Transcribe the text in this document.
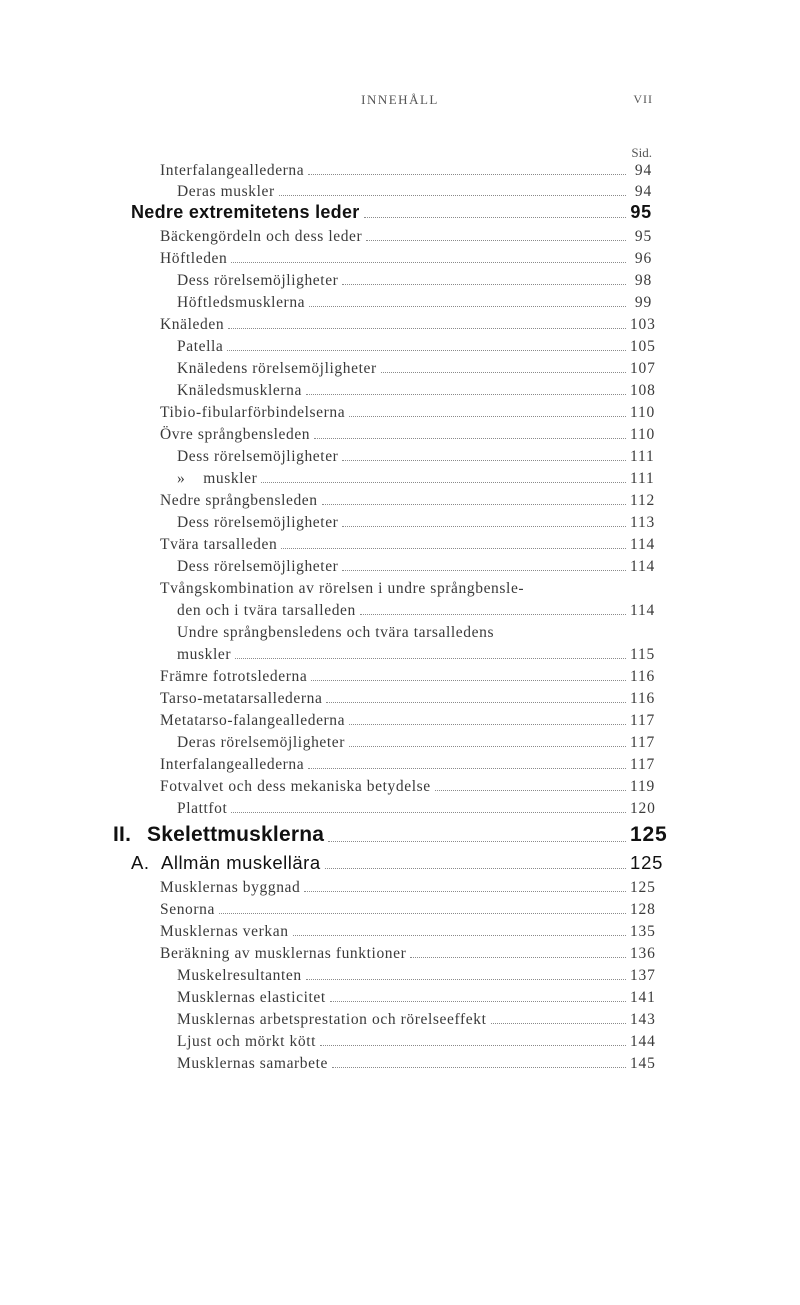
INNEHÅLL	VII
Sid.
Interfalangeallederna	94
Deras muskler	94
Nedre extremitetens leder	95
Bäckengördeln och dess leder	95
Höftleden	96
Dess rörelsemöjligheter	98
Höftledsmusklerna	99
Knäleden	103
Patella	105
Knäledens rörelsemöjligheter	107
Knäledsmusklerna	108
Tibio-fibularförbindelserna	110
Övre språngbensleden	110
Dess rörelsemöjligheter	111
»    muskler	111
Nedre språngbensleden	112
Dess rörelsemöjligheter	113
Tvära tarsalleden	114
Dess rörelsemöjligheter	114
Tvångskombination av rörelsen i undre språngbensle-
den och i tvära tarsalleden	114
Undre språngbensledens och tvära tarsalledens
muskler	115
Främre fotrotslederna	116
Tarso-metatarsallederna	116
Metatarso-falangeallederna	117
Deras rörelsemöjligheter	117
Interfalangeallederna	117
Fotvalvet och dess mekaniska betydelse	119
Plattfot	120
II. Skelettmusklerna	125
A. Allmän muskellära	125
Musklernas byggnad	125
Senorna	128
Musklernas verkan	135
Beräkning av musklernas funktioner	136
Muskelresultanten	137
Musklernas elasticitet	141
Musklernas arbetsprestation och rörelseeffekt	143
Ljust och mörkt kött	144
Musklernas samarbete	145
